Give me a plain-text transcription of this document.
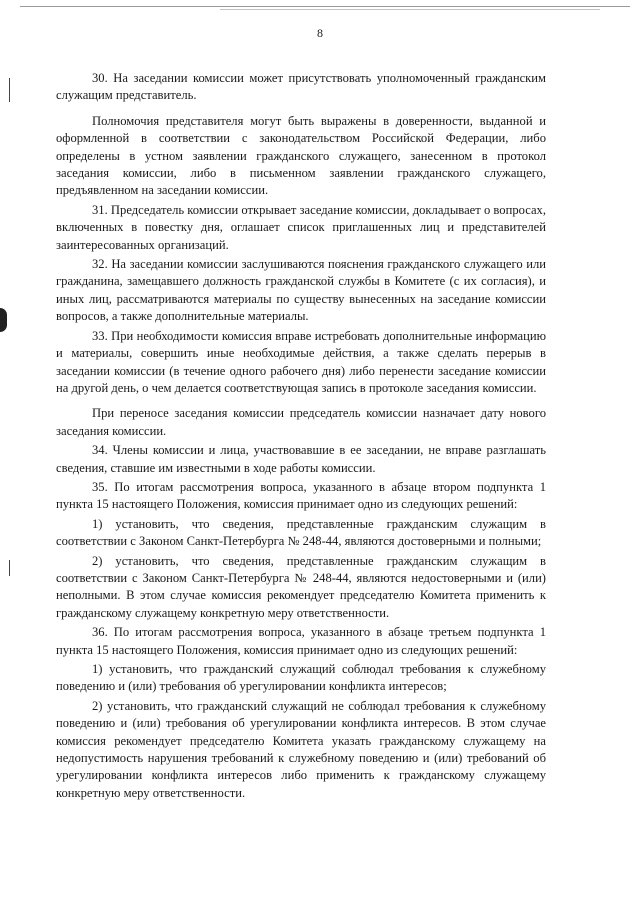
8

30. На заседании комиссии может присутствовать уполномоченный гражданским служащим представитель.

Полномочия представителя могут быть выражены в доверенности, выданной и оформленной в соответствии с законодательством Российской Федерации, либо определены в устном заявлении гражданского служащего, занесенном в протокол заседания комиссии, либо в письменном заявлении гражданского служащего, предъявленном на заседании комиссии.

31. Председатель комиссии открывает заседание комиссии, докладывает о вопросах, включенных в повестку дня, оглашает список приглашенных лиц и представителей заинтересованных организаций.

32. На заседании комиссии заслушиваются пояснения гражданского служащего или гражданина, замещавшего должность гражданской службы в Комитете (с их согласия), и иных лиц, рассматриваются материалы по существу вынесенных на заседание комиссии вопросов, а также дополнительные материалы.

33. При необходимости комиссия вправе истребовать дополнительные информацию и материалы, совершить иные необходимые действия, а также сделать перерыв в заседании комиссии (в течение одного рабочего дня) либо перенести заседание комиссии на другой день, о чем делается соответствующая запись в протоколе заседания комиссии.

При переносе заседания комиссии председатель комиссии назначает дату нового заседания комиссии.

34. Члены комиссии и лица, участвовавшие в ее заседании, не вправе разглашать сведения, ставшие им известными в ходе работы комиссии.

35. По итогам рассмотрения вопроса, указанного в абзаце втором подпункта 1 пункта 15 настоящего Положения, комиссия принимает одно из следующих решений:

1) установить, что сведения, представленные гражданским служащим в соответствии с Законом Санкт-Петербурга № 248-44, являются достоверными и полными;

2) установить, что сведения, представленные гражданским служащим в соответствии с Законом Санкт-Петербурга № 248-44, являются недостоверными и (или) неполными. В этом случае комиссия рекомендует председателю Комитета применить к гражданскому служащему конкретную меру ответственности.

36. По итогам рассмотрения вопроса, указанного в абзаце третьем подпункта 1 пункта 15 настоящего Положения, комиссия принимает одно из следующих решений:

1) установить, что гражданский служащий соблюдал требования к служебному поведению и (или) требования об урегулировании конфликта интересов;

2) установить, что гражданский служащий не соблюдал требования к служебному поведению и (или) требования об урегулировании конфликта интересов. В этом случае комиссия рекомендует председателю Комитета указать гражданскому служащему на недопустимость нарушения требований к служебному поведению и (или) требований об урегулировании конфликта интересов либо применить к гражданскому служащему конкретную меру ответственности.
